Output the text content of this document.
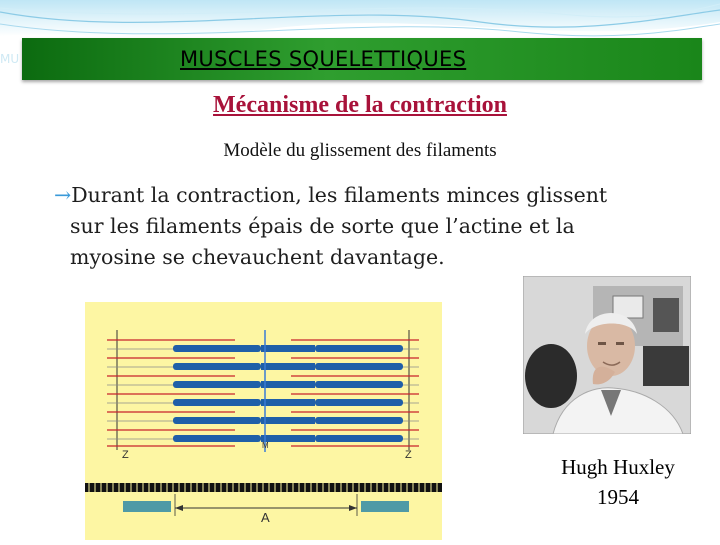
MU	MUSCLES SQUELETTIQUES
Mécanisme de la contraction
Modèle du glissement des filaments
→Durant la contraction, les filaments minces glissent
sur les filaments épais de sorte que l’actine et la
myosine se chevauchent davantage.
Z
M
Z
A
Hugh Huxley
1954
